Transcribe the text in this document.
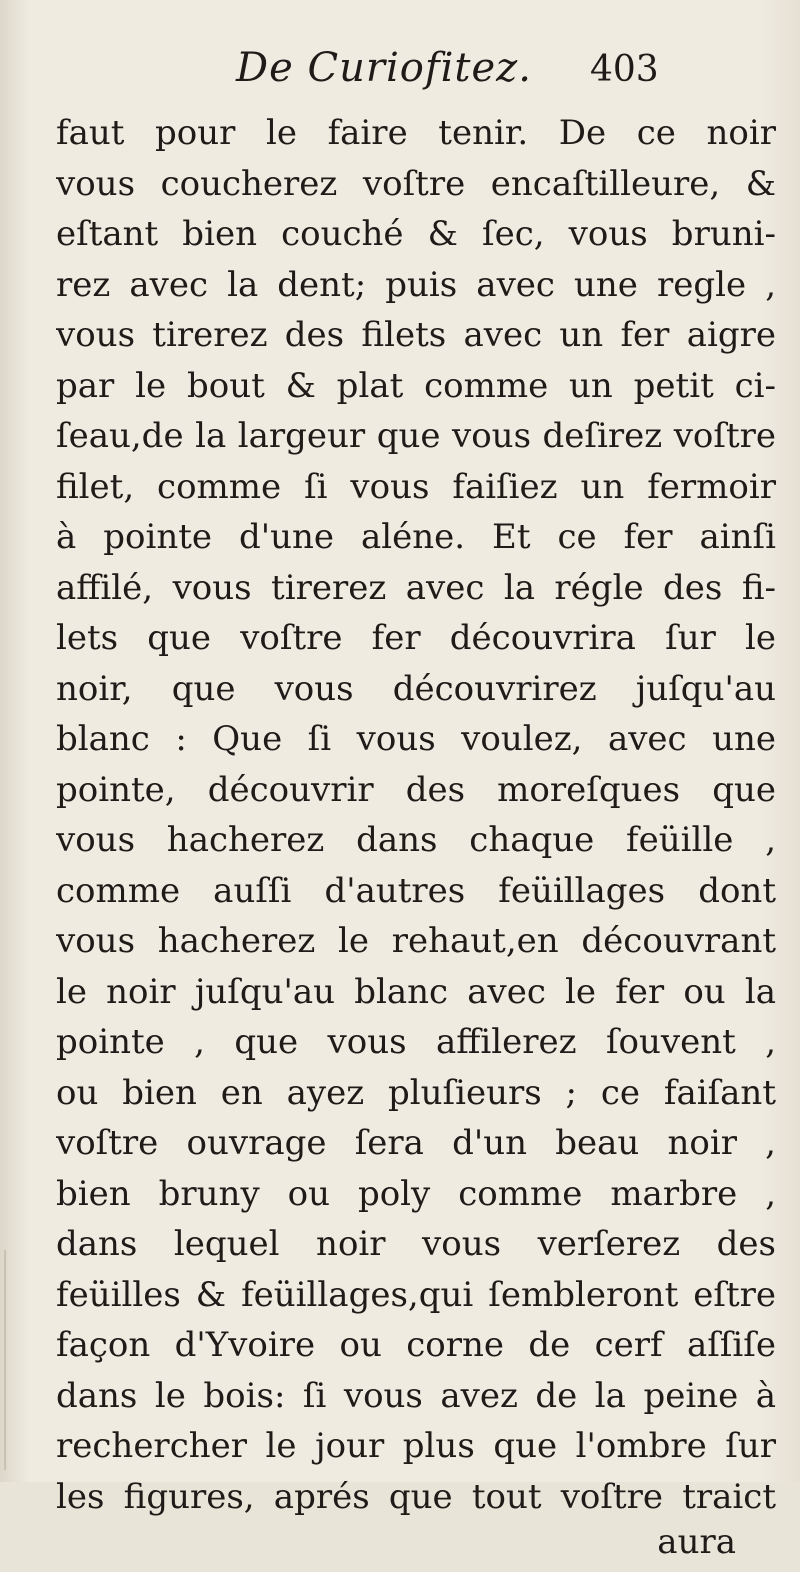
De Curiofitez. 403
faut pour le faire tenir. De ce noir
vous coucherez voſtre encaſtilleure, &
eſtant bien couché & ſec, vous bruni-
rez avec la dent; puis avec une regle ,
vous tirerez des filets avec un fer aigre
par le bout & plat comme un petit ci-
ſeau,de la largeur que vous deſirez voſtre
filet, comme ſi vous faiſiez un fermoir
à pointe d'une aléne. Et ce fer ainſi
affilé, vous tirerez avec la régle des fi-
lets que voſtre fer découvrira ſur le
noir, que vous découvrirez juſqu'au
blanc : Que ſi vous voulez, avec une
pointe, découvrir des moreſques que
vous hacherez dans chaque feüille ,
comme auſſi d'autres feüillages dont
vous hacherez le rehaut,en découvrant
le noir juſqu'au blanc avec le fer ou la
pointe , que vous affilerez ſouvent ,
ou bien en ayez pluſieurs ; ce faiſant
voſtre ouvrage ſera d'un beau noir ,
bien bruny ou poly comme marbre ,
dans lequel noir vous verſerez des
feüilles & feüillages,qui ſembleront eſtre
façon d'Yvoire ou corne de cerf aſſiſe
dans le bois: ſi vous avez de la peine à
rechercher le jour plus que l'ombre ſur
les figures, aprés que tout voſtre traict
aura
